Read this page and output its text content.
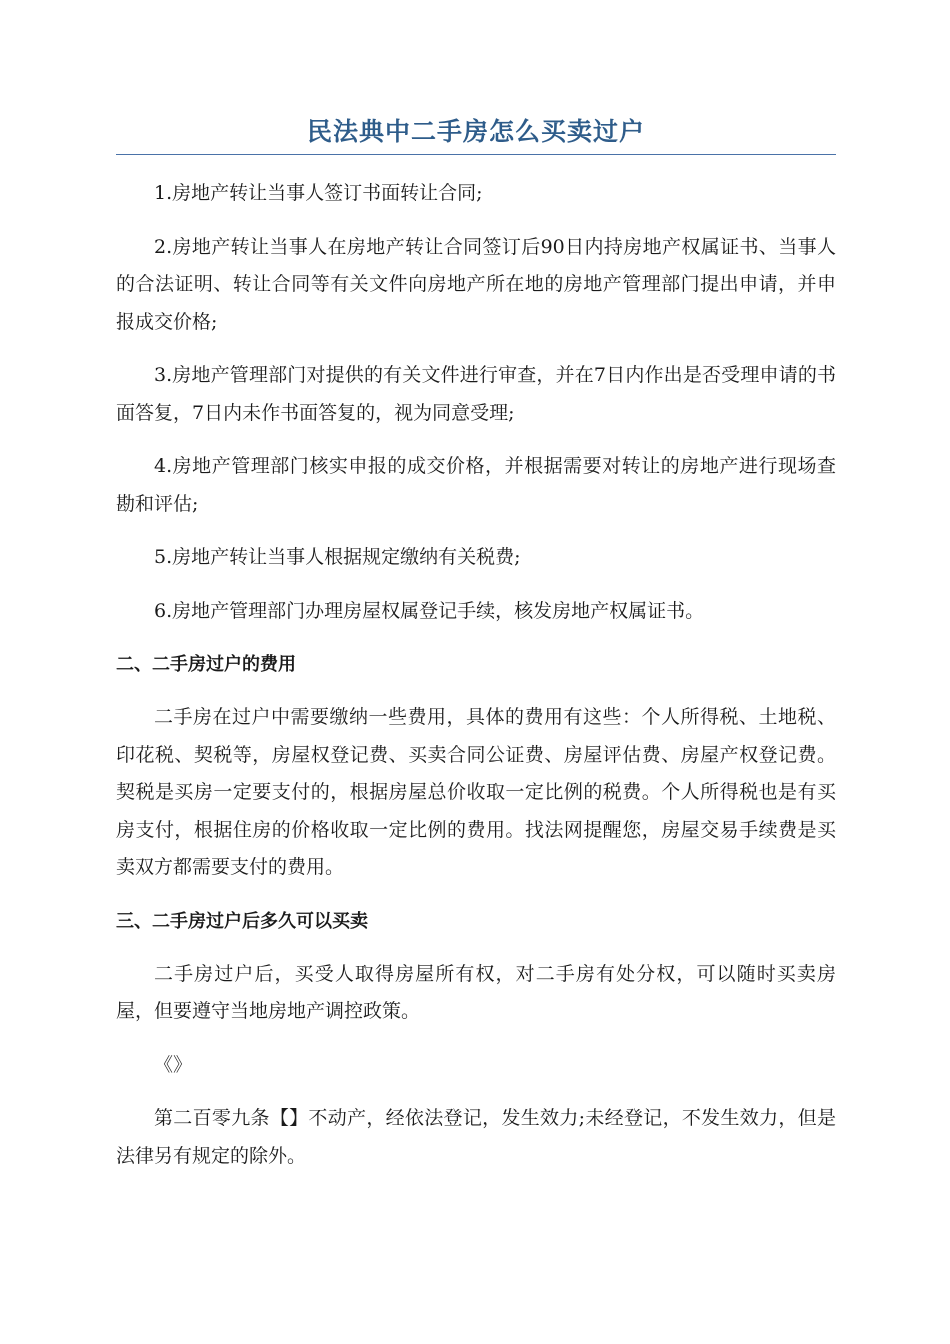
民法典中二手房怎么买卖过户

1.房地产转让当事人签订书面转让合同;

2.房地产转让当事人在房地产转让合同签订后90日内持房地产权属证书、当事人的合法证明、转让合同等有关文件向房地产所在地的房地产管理部门提出申请，并申报成交价格;

3.房地产管理部门对提供的有关文件进行审查，并在7日内作出是否受理申请的书面答复，7日内未作书面答复的，视为同意受理;

4.房地产管理部门核实申报的成交价格，并根据需要对转让的房地产进行现场查勘和评估;

5.房地产转让当事人根据规定缴纳有关税费;

6.房地产管理部门办理房屋权属登记手续，核发房地产权属证书。

二、二手房过户的费用

二手房在过户中需要缴纳一些费用，具体的费用有这些：个人所得税、土地税、印花税、契税等，房屋权登记费、买卖合同公证费、房屋评估费、房屋产权登记费。契税是买房一定要支付的，根据房屋总价收取一定比例的税费。个人所得税也是有买房支付，根据住房的价格收取一定比例的费用。找法网提醒您，房屋交易手续费是买卖双方都需要支付的费用。

三、二手房过户后多久可以买卖

二手房过户后，买受人取得房屋所有权，对二手房有处分权，可以随时买卖房屋，但要遵守当地房地产调控政策。

《》

第二百零九条【】不动产，经依法登记，发生效力;未经登记，不发生效力，但是法律另有规定的除外。
